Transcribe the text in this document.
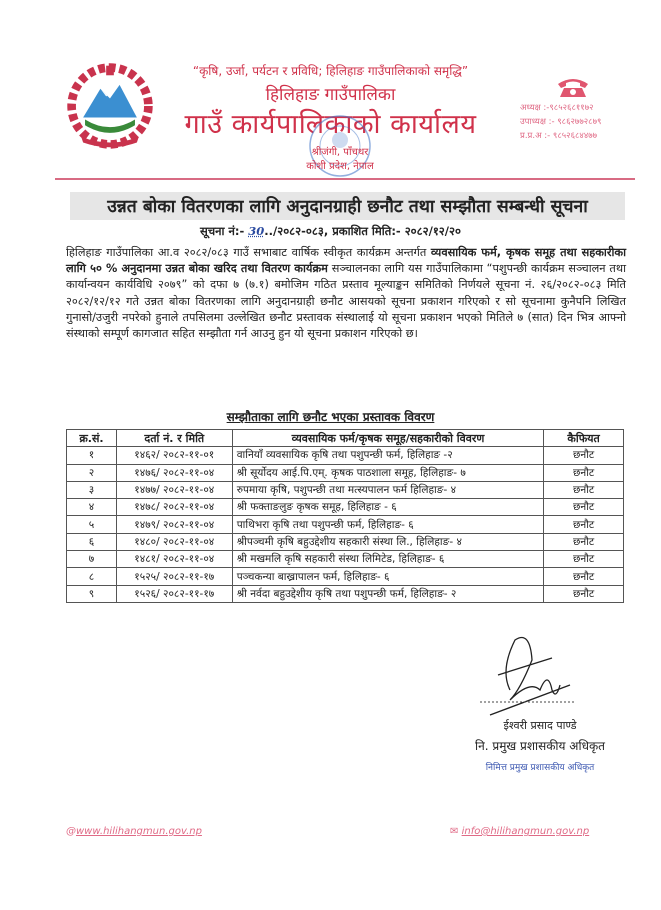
“कृषि, उर्जा, पर्यटन र प्रविधि; हिलिहाङ गाउँपालिकाको समृद्धि”
हिलिहाङ गाउँपालिका
गाउँ कार्यपालिकाको कार्यालय
श्रीजंगी, पाँचथर
कोशी प्रदेश, नेपाल
अध्यक्ष :-९८५२६८११७२
उपाध्यक्ष :- ९८६२७७२८७९
प्र.प्र.अ :- ९८५२६८४४७७
उन्नत बोका वितरणका लागि अनुदानग्राही छनौट तथा सम्झौता सम्बन्धी सूचना
सूचना नं:- 30../२०८२-०८३, प्रकाशित मिति:- २०८२/१२/२०
हिलिहाङ गाउँपालिका आ.व २०८२/०८३ गाउँ सभाबाट वार्षिक स्वीकृत कार्यक्रम अन्तर्गत व्यवसायिक फर्म, कृषक समूह तथा सहकारीका लागि ५० % अनुदानमा उन्नत बोका खरिद तथा वितरण कार्यक्रम सञ्चालनका लागि यस गाउँपालिकामा “पशुपन्छी कार्यक्रम सञ्चालन तथा कार्यान्वयन कार्यविधि २०७९” को दफा ७ (७.१) बमोजिम गठित प्रस्ताव मूल्याङ्कन समितिको निर्णयले सूचना नं. २६/२०८२-०८३ मिति २०८२/१२/१२ गते उन्नत बोका वितरणका लागि अनुदानग्राही छनौट आसयको सूचना प्रकाशन गरिएको र सो सूचनामा कुनैपनि लिखित गुनासो/उजुरी नपरेको हुनाले तपसिलमा उल्लेखित छनौट प्रस्तावक संस्थालाई यो सूचना प्रकाशन भएको मितिले ७ (सात) दिन भित्र आफ्नो संस्थाको सम्पूर्ण कागजात सहित सम्झौता गर्न आउनु हुन यो सूचना प्रकाशन गरिएको छ।
सम्झौताका लागि छनौट भएका प्रस्तावक विवरण
क्र.सं.	दर्ता नं. र मिति	व्यवसायिक फर्म/कृषक समूह/सहकारीको विवरण	कैफियत
१	१४६२/ २०८२-११-०१	वानियाँ व्यवसायिक कृषि तथा पशुपन्छी फर्म, हिलिहाङ -२	छनौट
२	१४७६/ २०८२-११-०४	श्री सूर्योदय आई.पि.एम्. कृषक पाठशाला समूह, हिलिहाङ- ७	छनौट
३	१४७७/ २०८२-११-०४	रुपमाया कृषि, पशुपन्छी तथा मत्स्यपालन फर्म हिलिहाङ- ४	छनौट
४	१४७८/ २०८२-११-०४	श्री फक्ताङलुङ कृषक समूह, हिलिहाङ - ६	छनौट
५	१४७९/ २०८२-११-०४	पाथिभरा कृषि तथा पशुपन्छी फर्म, हिलिहाङ- ६	छनौट
६	१४८०/ २०८२-११-०४	श्रीपञ्चमी कृषि बहुउद्देशीय सहकारी संस्था लि., हिलिहाङ- ४	छनौट
७	१४८१/ २०८२-११-०४	श्री मखमलि कृषि सहकारी संस्था लिमिटेड, हिलिहाङ- ६	छनौट
८	१५२५/ २०८२-११-१७	पञ्चकन्या बाख्रापालन फर्म, हिलिहाङ- ६	छनौट
९	१५२६/ २०८२-११-१७	श्री नर्वदा बहुउद्देशीय कृषि तथा पशुपन्छी फर्म, हिलिहाङ- २	छनौट
ईश्वरी प्रसाद पाण्डे
नि. प्रमुख प्रशासकीय अधिकृत
निमित्त प्रमुख प्रशासकीय अधिकृत
@www.hilihangmun.gov.np	✉ info@hilihangmun.gov.np
